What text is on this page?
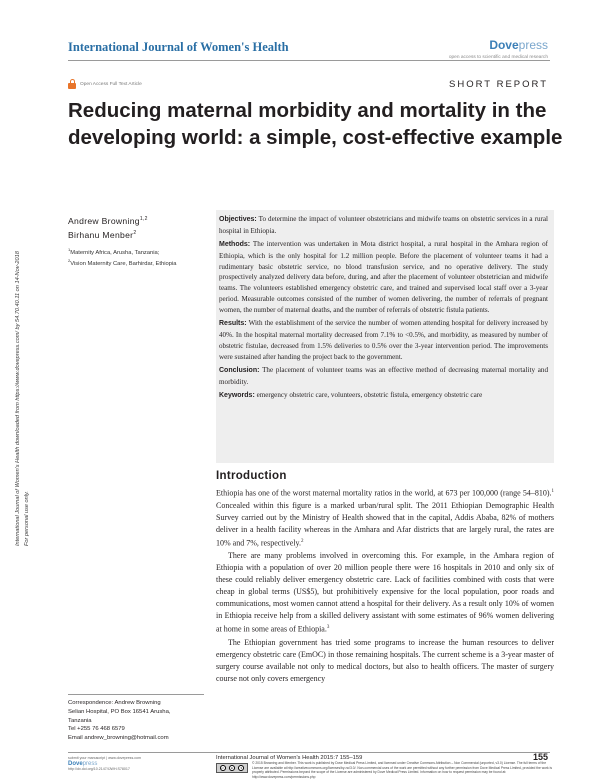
International Journal of Women's Health downloaded from https://www.dovepress.com/ by 54.70.40.11 on 14-Nov-2018 For personal use only.
International Journal of Women's Health	Dovepress
open access to scientific and medical research
Open Access Full Text Article	SHORT REPORT
Reducing maternal morbidity and mortality in the developing world: a simple, cost-effective example
Andrew Browning$^{1,2}$
Birhanu Menber$^2$
$^1$Maternity Africa, Arusha, Tanzania;
$^2$Vision Maternity Care, Barhirdar, Ethiopia

Objectives: To determine the impact of volunteer obstetricians and midwife teams on obstetric services in a rural hospital in Ethiopia.

Methods: The intervention was undertaken in Mota district hospital, a rural hospital in the Amhara region of Ethiopia, which is the only hospital for 1.2 million people. Before the placement of volunteer teams it had a rudimentary basic obstetric service, no blood transfusion service, and no operative delivery. The study prospectively analyzed delivery data before, during, and after the placement of volunteer obstetrician and midwife teams. The volunteers established emergency obstetric care, and trained and supervised local staff over a 3-year period. Measurable outcomes consisted of the number of women delivering, the number of referrals of pregnant women, the number of maternal deaths, and the number of referrals of obstetric fistula patients.

Results: With the establishment of the service the number of women attending hospital for delivery increased by 40%. In the hospital maternal mortality decreased from 7.1% to <0.5%, and morbidity, as measured by number of obstetric fistulae, decreased from 1.5% deliveries to 0.5% over the 3-year intervention period. The improvements were sustained after handing the project back to the government.

Conclusion: The placement of volunteer teams was an effective method of decreasing maternal mortality and morbidity.

Keywords: emergency obstetric care, volunteers, obstetric fistula, emergency obstetric care

Introduction

Ethiopia has one of the worst maternal mortality ratios in the world, at 673 per 100,000 (range 54–810).$^1$ Concealed within this figure is a marked urban/rural split. The 2011 Ethiopian Demographic Health Survey carried out by the Ministry of Health showed that in the capital, Addis Ababa, 82% of mothers deliver in a health facility whereas in the Amhara and Afar districts that are largely rural, the rates are 10% and 7%, respectively.$^2$

There are many problems involved in overcoming this. For example, in the Amhara region of Ethiopia with a population of over 20 million people there were 16 hospitals in 2010 and only six of these could reliably deliver emergency obstetric care. Lack of facilities combined with costs that were cheap in global terms (US$5), but prohibitively expensive for the local population, poor roads and communications, most women cannot attend a hospital for their delivery. As a result only 10% of women in Ethiopia receive help from a skilled delivery assistant with some estimates of 96% women delivering at home in some areas of Ethiopia.$^3$

The Ethiopian government has tried some programs to increase the human resources to deliver emergency obstetric care (EmOC) in those remaining hospitals. The current scheme is a 3-year master of surgery course available not only to medical doctors, but also to health officers. The master of surgery course not only covers emergency

Correspondence: Andrew Browning
Selian Hospital, PO Box 16541 Arusha,
Tanzania
Tel +255 76 468 6579
Email andrew_browning@hotmail.com
submit your manuscript | www.dovepress.com
Dovepress
http://dx.doi.org/10.2147/IJWH.S78017
International Journal of Women's Health 2015:7 155–159	155
cc	●	$
© 2015 Browning and Menber. This work is published by Dove Medical Press Limited, and licensed under Creative Commons Attribution – Non Commercial (unported, v3.0) License. The full terms of the License are available at http://creativecommons.org/licenses/by-nc/3.0/. Non-commercial uses of the work are permitted without any further permission from Dove Medical Press Limited, provided the work is properly attributed. Permissions beyond the scope of the License are administered by Dove Medical Press Limited. Information on how to request permission may be found at: http://www.dovepress.com/permissions.php
